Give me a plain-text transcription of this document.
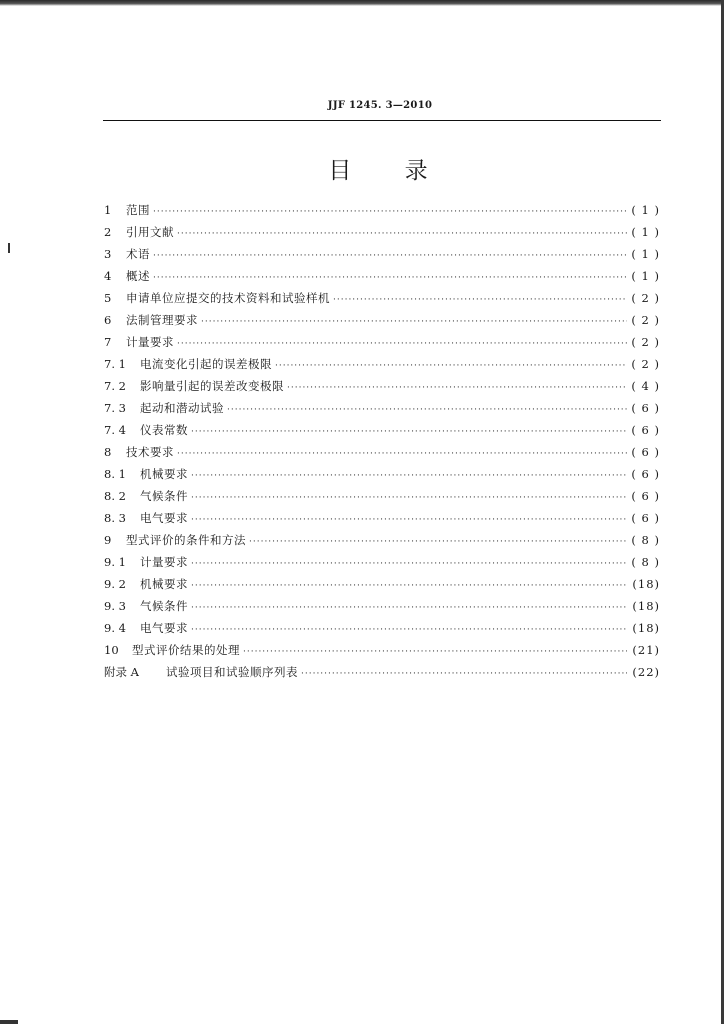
JJF 1245. 3—2010
目 录
1	范围 ·····	( 1 )
2	引用文献 ·····	( 1 )
3	术语 ·····	( 1 )
4	概述 ·····	( 1 )
5	申请单位应提交的技术资料和试验样机 ·····	( 2 )
6	法制管理要求 ·····	( 2 )
7	计量要求 ·····	( 2 )
7. 1	电流变化引起的误差极限 ·····	( 2 )
7. 2	影响量引起的误差改变极限 ·····	( 4 )
7. 3	起动和潜动试验 ·····	( 6 )
7. 4	仪表常数 ·····	( 6 )
8	技术要求 ·····	( 6 )
8. 1	机械要求 ·····	( 6 )
8. 2	气候条件 ·····	( 6 )
8. 3	电气要求 ·····	( 6 )
9	型式评价的条件和方法 ·····	( 8 )
9. 1	计量要求 ·····	( 8 )
9. 2	机械要求 ·····	(18)
9. 3	气候条件 ·····	(18)
9. 4	电气要求 ·····	(18)
10	型式评价结果的处理 ·····	(21)
附录 A	试验项目和试验顺序列表 ·····	(22)
